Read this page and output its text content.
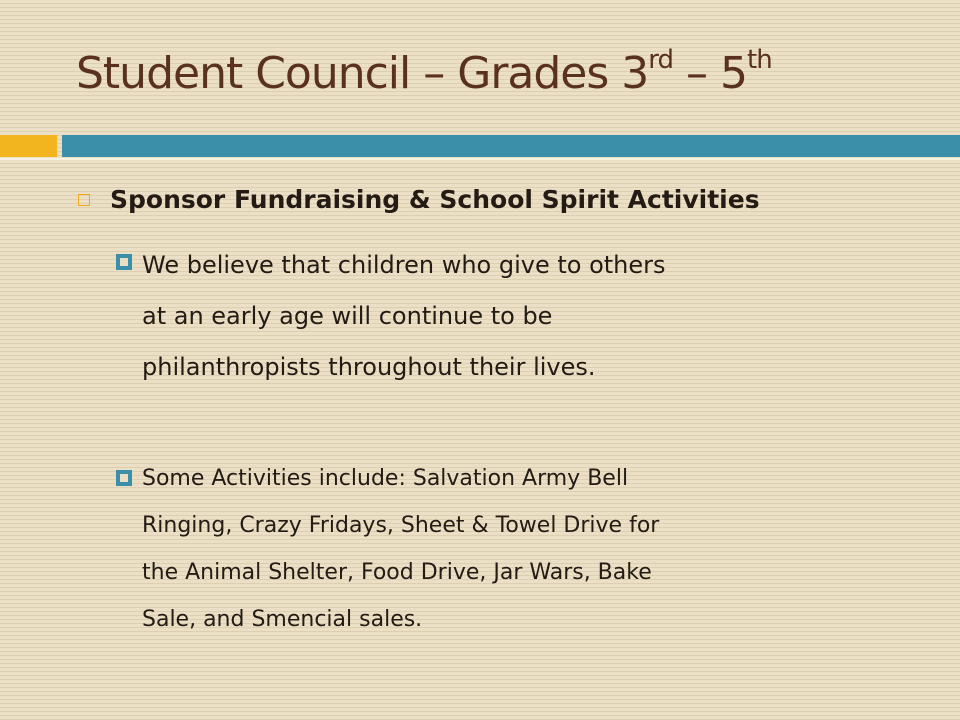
Student Council – Grades 3rd – 5th
Sponsor Fundraising & School Spirit Activities
We believe that children who give to others
at an early age will continue to be
philanthropists throughout their lives.
Some Activities include: Salvation Army Bell
Ringing, Crazy Fridays, Sheet & Towel Drive for
the Animal Shelter, Food Drive, Jar Wars, Bake
Sale, and Smencial sales.
